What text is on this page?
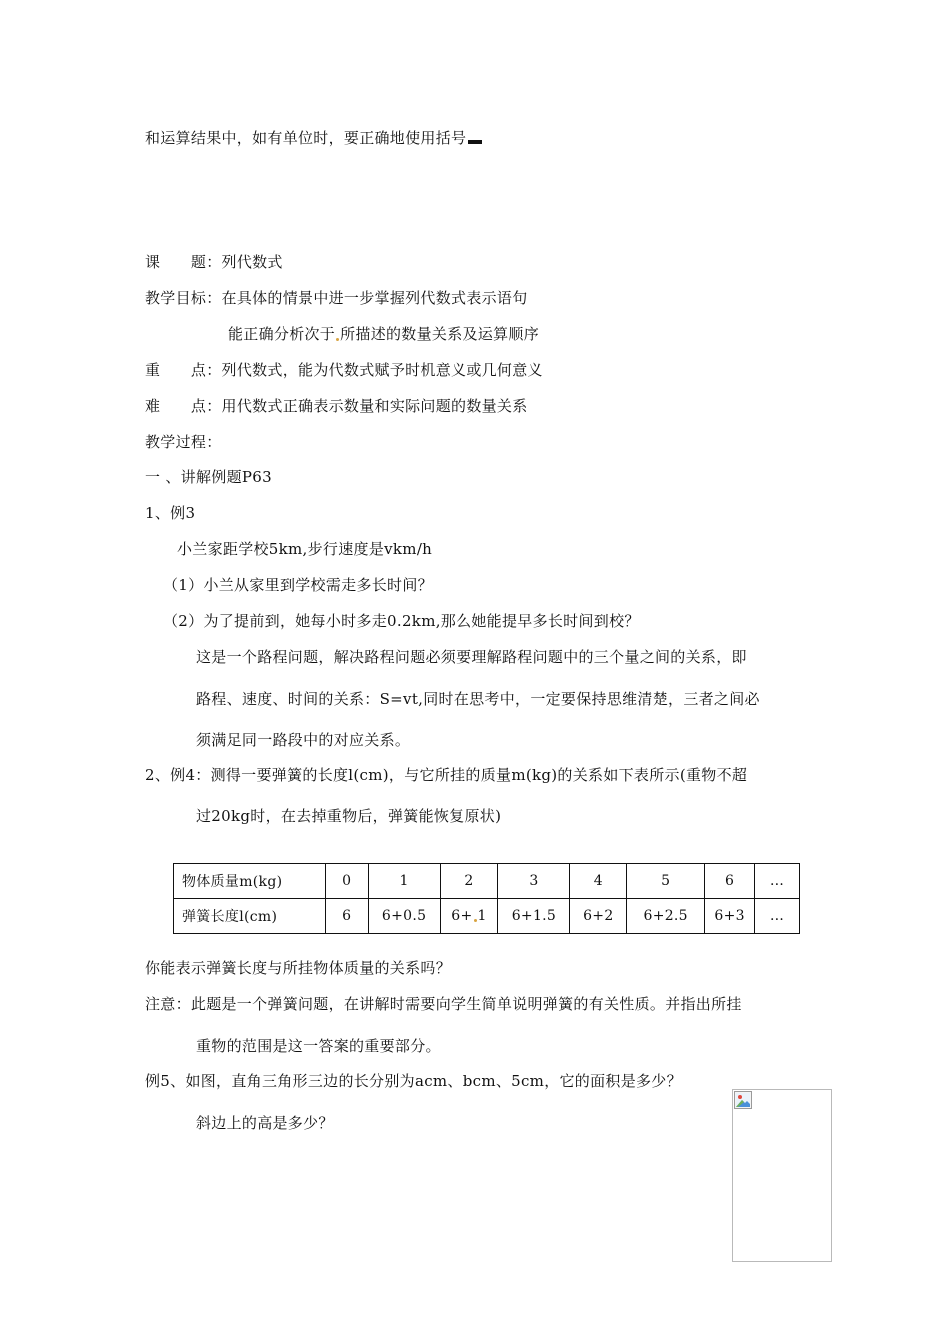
和运算结果中，如有单位时，要正确地使用括号
课　　题：列代数式
教学目标：在具体的情景中进一步掌握列代数式表示语句
能正确分析次于 所描述的数量关系及运算顺序
重　　点：列代数式，能为代数式赋予时机意义或几何意义
难　　点：用代数式正确表示数量和实际问题的数量关系
教学过程：
一 、讲解例题P63
1、例3
小兰家距学校5km,步行速度是vkm/h
（1）小兰从家里到学校需走多长时间？
（2）为了提前到，她每小时多走0.2km,那么她能提早多长时间到校？
这是一个路程问题，解决路程问题必须要理解路程问题中的三个量之间的关系，即
路程、速度、时间的关系：S=vt,同时在思考中，一定要保持思维清楚，三者之间必
须满足同一路段中的对应关系。
2、例4：测得一要弹簧的长度l(cm)，与它所挂的质量m(kg)的关系如下表所示(重物不超
过20kg时，在去掉重物后，弹簧能恢复原状)
物体质量m(kg)	0	1	2	3	4	5	6	…
弹簧长度l(cm)	6	6+0.5	6+ 1	6+1.5	6+2	6+2.5	6+3	…
你能表示弹簧长度与所挂物体质量的关系吗？
注意：此题是一个弹簧问题，在讲解时需要向学生简单说明弹簧的有关性质。并指出所挂
重物的范围是这一答案的重要部分。
例5、如图，直角三角形三边的长分别为acm、bcm、5cm，它的面积是多少？
斜边上的高是多少？
